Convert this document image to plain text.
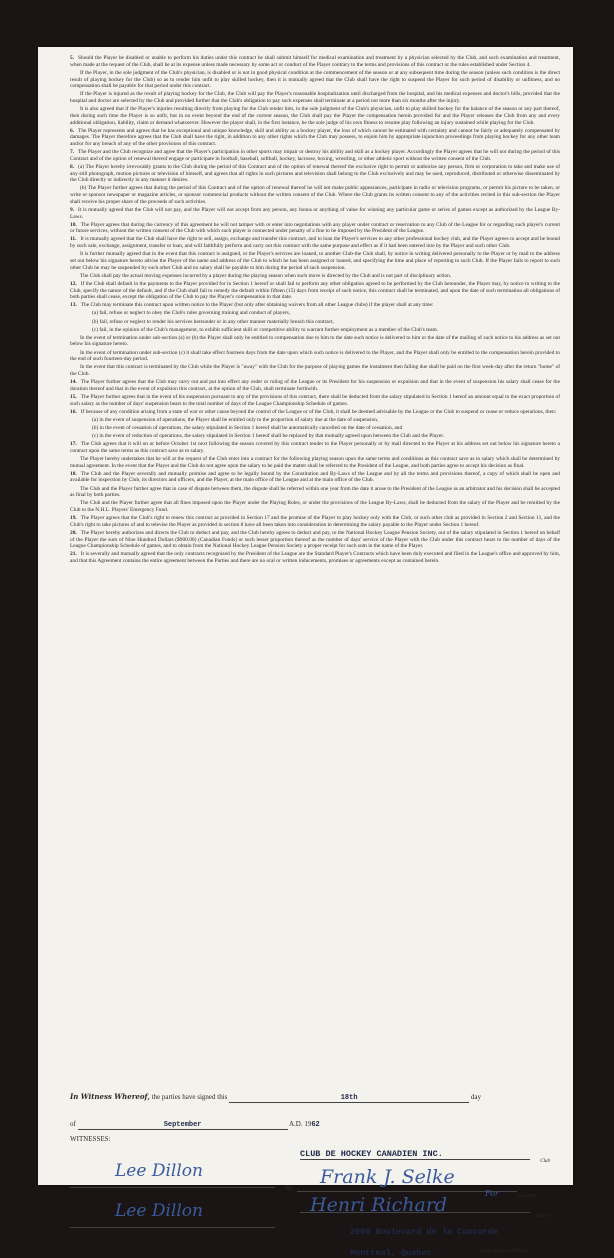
5. Should the Player be disabled or unable to perform his duties under this contract he shall submit himself for medical examination and treatment by a physician selected by the Club, and such examination and treatment, when made at the request of the Club, shall be at its expense unless made necessary by some act or conduct of the Player contrary to the terms and provisions of this contract or the rules established under Section 4.

If the Player, in the sole judgment of the Club's physician, is disabled or is not in good physical condition at the commencement of the season or at any subsequent time during the season (unless such condition is the direct result of playing hockey for the Club) so as to render him unfit to play skilled hockey, then it is mutually agreed that the Club shall have the right to suspend the Player for such period of disability or unfitness, and no compensation shall be payable for that period under this contract.

If the Player is injured as the result of playing hockey for the Club, the Club will pay the Player's reasonable hospitalization until discharged from the hospital, and his medical expenses and doctor's bills, provided that the hospital and doctor are selected by the Club and provided further that the Club's obligation to pay such expenses shall terminate at a period not more than six months after the injury.

It is also agreed that if the Player's injuries resulting directly from playing for the Club render him, in the sole judgment of the Club's physician, unfit to play skilled hockey for the balance of the season or any part thereof, then during such time the Player is so unfit, but in no event beyond the end of the current season, the Club shall pay the Player the compensation herein provided for and the Player releases the Club from any and every additional obligation, liability, claim or demand whatsoever. However the player shall, in the first instance, be the sole judge of his own fitness to resume play following an injury sustained while playing for the Club.

6. The Player represents and agrees that he has exceptional and unique knowledge, skill and ability as a hockey player, the loss of which cannot be estimated with certainty and cannot be fairly or adequately compensated by damages. The Player therefore agrees that the Club shall have the right, in addition to any other rights which the Club may possess, to enjoin him by appropriate injunction proceedings from playing hockey for any other team and/or for any breach of any of the other provisions of this contract.

7. The Player and the Club recognize and agree that the Player's participation in other sports may impair or destroy his ability and skill as a hockey player. Accordingly the Player agrees that he will not during the period of this Contract and of the option of renewal thereof engage or participate in football, baseball, softball, hockey, lacrosse, boxing, wrestling, or other athletic sport without the written consent of the Club.

8. (a) The Player hereby irrevocably grants to the Club during the period of this Contract and of the option of renewal thereof the exclusive right to permit or authorize any person, firm or corporation to take and make use of any still photograph, motion pictures or television of himself, and agrees that all rights in such pictures and television shall belong to the Club exclusively and may be used, reproduced, distributed or otherwise disseminated by the Club directly or indirectly in any manner it desires.

(b) The Player further agrees that during the period of this Contract and of the option of renewal thereof he will not make public appearances, participate in radio or television programs, or permit his picture to be taken, or write or sponsor newspaper or magazine articles, or sponsor commercial products without the written consent of the Club. Where the Club grants its written consent to any of the activities recited in this sub-section the Player shall receive his proper share of the proceeds of such activities.

9. It is mutually agreed that the Club will not pay, and the Player will not accept from any person, any bonus or anything of value for winning any particular game or series of games except as authorized by the League By-Laws.

10. The Player agrees that during the currency of this agreement he will not tamper with or enter into negotiations with any player under contract or reservation to any Club of the League for or regarding such player's current or future services, without the written consent of the Club with which such player is connected under penalty of a fine to be imposed by the President of the League.

11. It is mutually agreed that the Club shall have the right to sell, assign, exchange and transfer this contract, and to loan the Player's services to any other professional hockey club, and the Player agrees to accept and be bound by such sale, exchange, assignment, transfer or loan, and will faithfully perform and carry out this contract with the same purpose and effect as if it had been entered into by the Player and such other Club.

It is further mutually agreed that in the event that this contract is assigned, or the Player's services are loaned, to another Club-the Club shall, by notice in writing delivered personally to the Player or by mail to the address set out below his signature hereto advise the Player of the name and address of the Club to which he has been assigned or loaned, and specifying the time and place of reporting to such Club. If the Player fails to report to such other Club he may be suspended by such other Club and no salary shall be payable to him during the period of such suspension.

The Club shall pay the actual moving expenses incurred by a player during the playing season when such move is directed by the Club and is not part of disciplinary action.

12. If the Club shall default in the payments to the Player provided for in Section 1 hereof or shall fail to perform any other obligation agreed to be performed by the Club hereunder, the Player may, by notice in writing to the Club, specify the nature of the default, and if the Club shall fail to remedy the default within fifteen (15) days from receipt of such notice, this contract shall be terminated, and upon the date of such termination all obligations of both parties shall cease, except the obligation of the Club to pay the Player's compensation to that date.

13. The Club may terminate this contract upon written notice to the Player (but only after obtaining waivers from all other League clubs) if the player shall at any time:

(a) fail, refuse or neglect to obey the Club's rules governing training and conduct of players,

(b) fail, refuse or neglect to render his services hereunder or in any other manner materially breach this contract,

(c) fail, in the opinion of the Club's management, to exhibit sufficient skill or competitive ability to warrant further employment as a member of the Club's team.

In the event of termination under sub-section (a) or (b) the Player shall only be entitled to compensation due to him to the date such notice is delivered to him or the date of the mailing of such notice to his address as set out below his signature hereto.

In the event of termination under sub-section (c) it shall take effect fourteen days from the date upon which such notice is delivered to the Player, and the Player shall only be entitled to the compensation herein provided to the end of such fourteen-day period.

In the event that this contract is terminated by the Club while the Player is "away" with the Club for the purpose of playing games the instalment then falling due shall be paid on the first week-day after the return "home" of the Club.

14. The Player further agrees that the Club may carry out and put into effect any order or ruling of the League or its President for his suspension or expulsion and that in the event of suspension his salary shall cease for the duration thereof and that in the event of expulsion this contract, at the option of the Club, shall terminate forthwith.

15. The Player further agrees that in the event of his suspension pursuant to any of the provisions of this contract, there shall be deducted from the salary stipulated in Section 1 hereof an amount equal to the exact proportion of such salary as the number of days' suspension bears to the total number of days of the League Championship Schedule of games.

16. If because of any condition arising from a state of war or other cause beyond the control of the League or of the Club, it shall be deemed advisable by the League or the Club to suspend or cease or reduce operations, then:

(a) in the event of suspension of operations, the Player shall be entitled only to the proportion of salary due at the date of suspension,

(b) in the event of cessation of operations, the salary stipulated in Section 1 hereof shall be automatically cancelled on the date of cessation, and

(c) in the event of reduction of operations, the salary stipulated in Section 1 hereof shall be replaced by that mutually agreed upon between the Club and the Player.

17. The Club agrees that it will on or before October 1st next following the season covered by this contract tender to the Player personally or by mail directed to the Player at his address set out below his signature hereto a contract upon the same terms as this contract save as to salary.

The Player hereby undertakes that he will at the request of the Club enter into a contract for the following playing season upon the same terms and conditions as this contract save as to salary which shall be determined by mutual agreement. In the event that the Player and the Club do not agree upon the salary to be paid the matter shall be referred to the President of the League, and both parties agree to accept his decision as final.

18. The Club and the Player severally and mutually promise and agree to be legally bound by the Constitution and By-Laws of the League and by all the terms and provisions thereof, a copy of which shall be open and available for inspection by Club, its directors and officers, and the Player, at the main office of the League and at the main office of the Club.

The Club and the Player further agree that in case of dispute between them, the dispute shall be referred within one year from the date it arose to the President of the League as an arbitrator and his decision shall be accepted as final by both parties.

The Club and the Player further agree that all fines imposed upon the Player under the Playing Rules, or under the provisions of the League By-Laws, shall be deducted from the salary of the Player and be remitted by the Club to the N.H.L. Players' Emergency Fund.

19. The Player agrees that the Club's right to renew this contract as provided in Section 17 and the promise of the Player to play hockey only with the Club, or such other club as provided in Section 2 and Section 11, and the Club's right to take pictures of and to televise the Player as provided in section 8 have all been taken into consideration in determining the salary payable to the Player under Section 1 hereof.

20. The Player hereby authorizes and directs the Club to deduct and pay, and the Club hereby agrees to deduct and pay, to the National Hockey League Pension Society, out of the salary stipulated in Section 1 hereof on behalf of the Player the sum of Nine Hundred Dollars ($900.00) (Canadian Funds) or such lesser proportion thereof as the number of days' service of the Player with the Club under this contract bears to the number of days of the League Championship Schedule of games, and to obtain from the National Hockey League Pension Society a proper receipt for such sum in the name of the Player.

21. It is severally and mutually agreed that the only contracts recognized by the President of the League are the Standard Player's Contracts which have been duly executed and filed in the League's office and approved by him, and that this Agreement contains the entire agreement between the Parties and there are no oral or written inducements, promises or agreements except as contained herein.

In Witness Whereof, the parties have signed this	18th	day
of	September	A.D. 1962
WITNESSES:
Lee Dillon
Lee Dillon
CLUB DE HOCKEY CANADIEN INC.
Club
By Frank J. Selke
For	President
Henri Richard
Player
2000 Boulevard de la Concorde
Montreal, Quebec.	Home Address of Player
